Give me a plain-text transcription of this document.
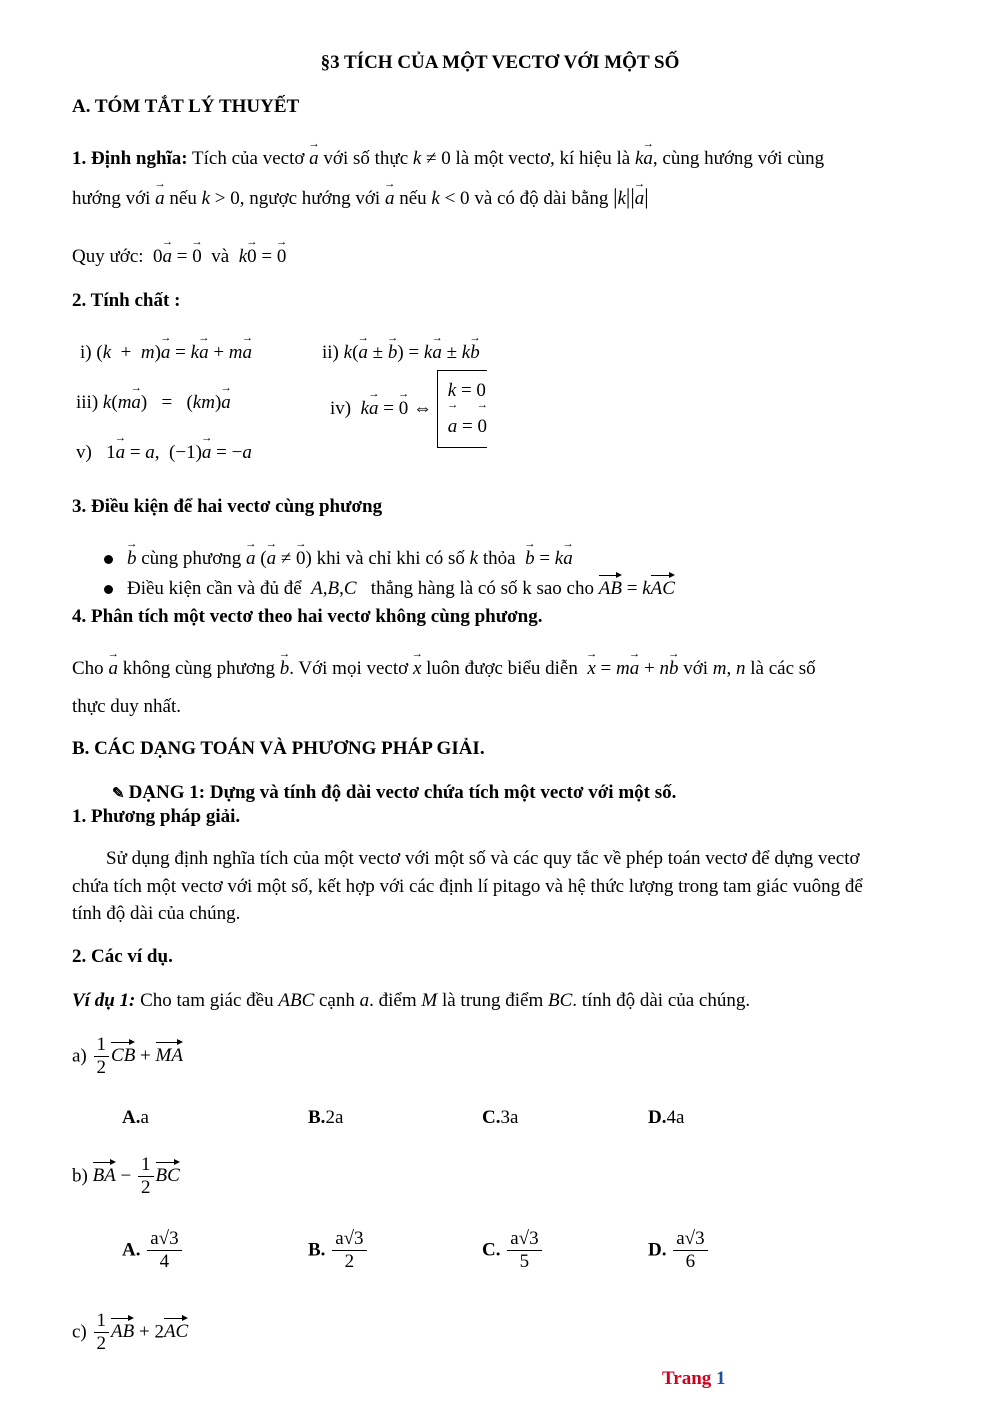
§3 TÍCH CỦA MỘT VECTƠ VỚI MỘT SỐ
A. TÓM TẮT LÝ THUYẾT
1. Định nghĩa: Tích của vectơ a → với số thực k ≠ 0 là một vectơ, kí hiệu là ka →, cùng hướng với cùng
hướng với a → nếu k > 0, ngược hướng với a → nếu k < 0 và có độ dài bằng |k||a →|
Quy ước:  0a → = 0 → và k0 → = 0 →
2. Tính chất :
i) (k  +  m)a → = ka → + ma →	ii) k(a → ± b →) = ka → ± kb →
iii) k(ma →)   =   (km)a →	iv)  ka → = 0 → ⇔ k = 0
a → = 0 →
v)   1a → = a,  (−1)a → = −a
3. Điều kiện để hai vectơ cùng phương
b → cùng phương a → (a → ≠ 0 →) khi và chỉ khi có số k thỏa  b → = ka →
Điều kiện cần và đủ để  A,B,C   thẳng hàng là có số k sao cho AB = kAC
4. Phân tích một vectơ theo hai vectơ không cùng phương.
Cho a → không cùng phương b →. Với mọi vectơ x → luôn được biểu diễn  x → = ma → + nb → với m, n là các số
thực duy nhất.
B. CÁC DẠNG TOÁN VÀ PHƯƠNG PHÁP GIẢI.
✎ DẠNG 1: Dựng và tính độ dài vectơ chứa tích một vectơ với một số.
1. Phương pháp giải.
Sử dụng định nghĩa tích của một vectơ với một số và các quy tắc về phép toán vectơ để dựng vectơ
chứa tích một vectơ với một số, kết hợp với các định lí pitago và hệ thức lượng trong tam giác vuông để
tính độ dài của chúng.
2. Các ví dụ.
Ví dụ 1: Cho tam giác đều ABC cạnh a. điểm M là trung điểm BC. tính độ dài của chúng.
$a) \frac{1}{2}$ CB + MA
A.a	B.2a	C.3a	D.4a
b) BA − $\frac{1}{2}$ BC
A. $\frac{a√3}{4}$	B. $\frac{a√3}{2}$	C. $\frac{a√3}{5}$	D. $\frac{a√3}{6}$
$c) \frac{1}{2}$ AB + 2AC
Trang 1
